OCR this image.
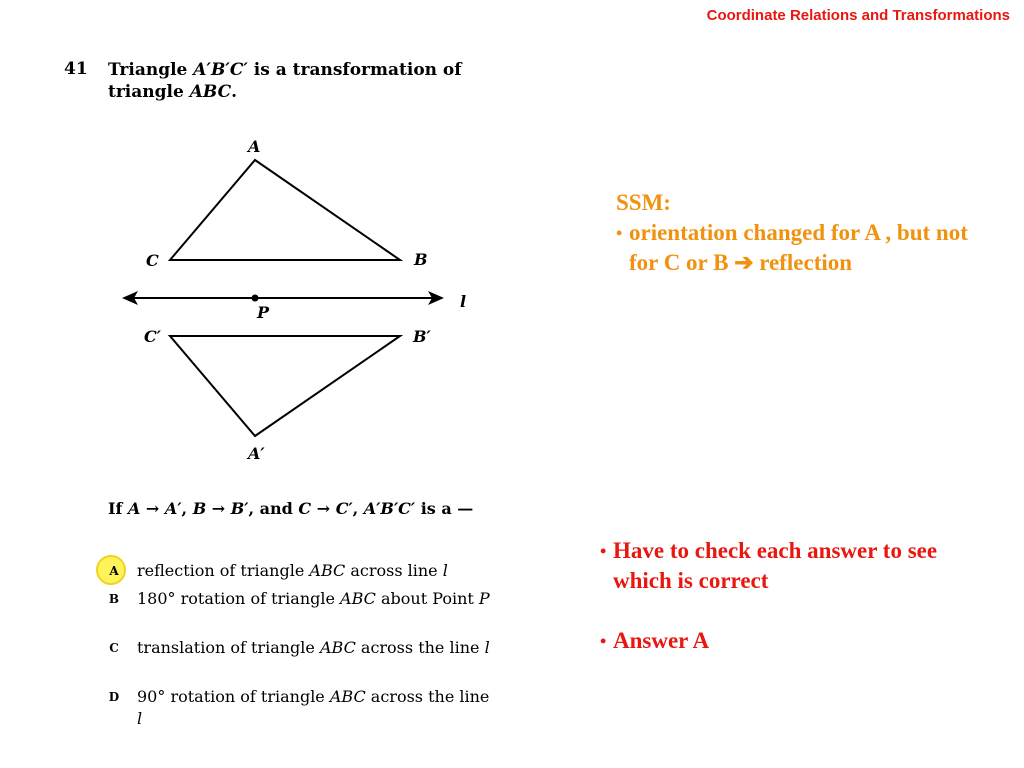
Coordinate Relations and Transformations
41 Triangle A′B′C′ is a transformation of triangle ABC.
A
B
C
P
l
C′	B′
A′
If A → A′, B → B′, and C → C′, A′B′C′ is a —
A	reflection of triangle ABC across line l
B	180° rotation of triangle ABC about Point P
C	translation of triangle ABC across the line l
D	90° rotation of triangle ABC across the line l
SSM:
• orientation changed for A , but not for C or B ➔ reflection
• Have to check each answer to see which is correct
• Answer A
